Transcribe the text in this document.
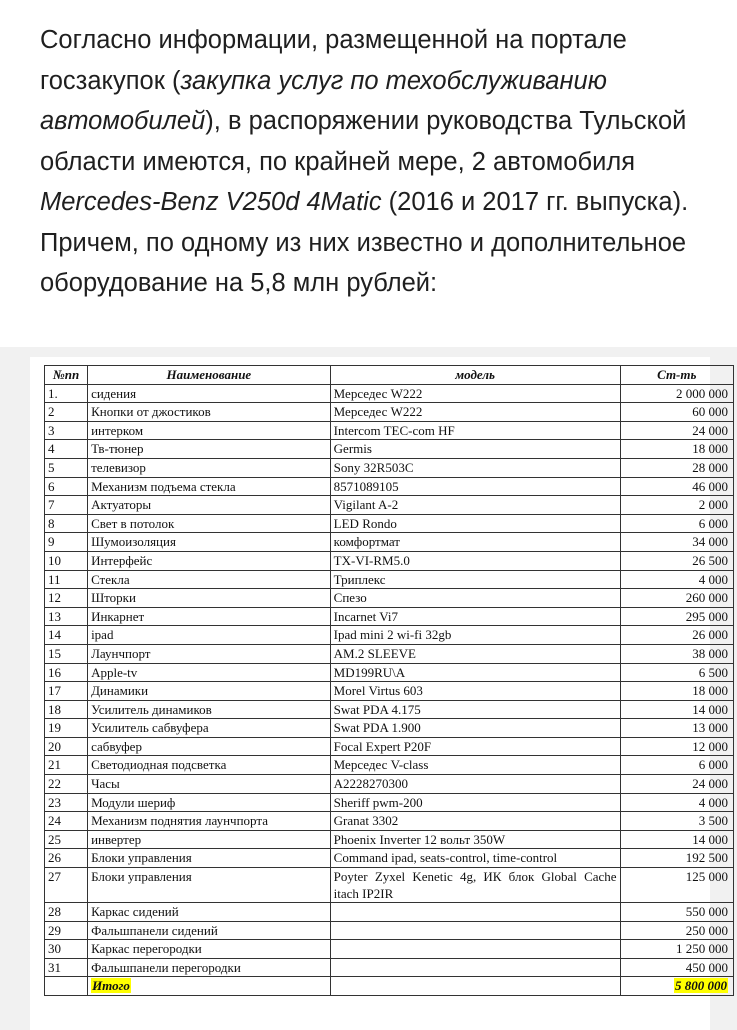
Согласно информации, размещенной на портале госзакупок (закупка услуг по техобслуживанию автомобилей), в распоряжении руководства Тульской области имеются, по крайней мере, 2 автомобиля Mercedes-Benz V250d 4Matic (2016 и 2017 гг. выпуска). Причем, по одному из них известно и дополнительное оборудование на 5,8 млн рублей:

№пп	Наименование	модель	Ст-ть
1.	сидения	Мерседес W222	2 000 000
2	Кнопки от джостиков	Мерседес W222	60 000
3	интерком	Intercom TEC-com HF	24 000
4	Тв-тюнер	Germis	18 000
5	телевизор	Sony 32R503C	28 000
6	Механизм подъема стекла	8571089105	46 000
7	Актуаторы	Vigilant A-2	2 000
8	Свет в потолок	LED Rondo	6 000
9	Шумоизоляция	комфортмат	34 000
10	Интерфейс	TX-VI-RM5.0	26 500
11	Стекла	Триплекс	4 000
12	Шторки	Спезо	260 000
13	Инкарнет	Incarnet Vi7	295 000
14	ipad	Ipad mini 2 wi-fi 32gb	26 000
15	Лаунчпорт	AM.2 SLEEVE	38 000
16	Apple-tv	MD199RU\A	6 500
17	Динамики	Morel Virtus 603	18 000
18	Усилитель динамиков	Swat PDA 4.175	14 000
19	Усилитель сабвуфера	Swat PDA 1.900	13 000
20	сабвуфер	Focal Expert P20F	12 000
21	Светодиодная подсветка	Мерседес V-class	6 000
22	Часы	A2228270300	24 000
23	Модули шериф	Sheriff pwm-200	4 000
24	Механизм поднятия лаунчпорта	Granat 3302	3 500
25	инвертер	Phoenix Inverter 12 вольт 350W	14 000
26	Блоки управления	Command ipad, seats-control, time-control	192 500
27	Блоки управления	Poyter Zyxel Kenetic 4g, ИК блок Global Cache itach IP2IR	125 000
28	Каркас сидений		550 000
29	Фальшпанели сидений		250 000
30	Каркас перегородки		1 250 000
31	Фальшпанели перегородки		450 000
	Итого		5 800 000
